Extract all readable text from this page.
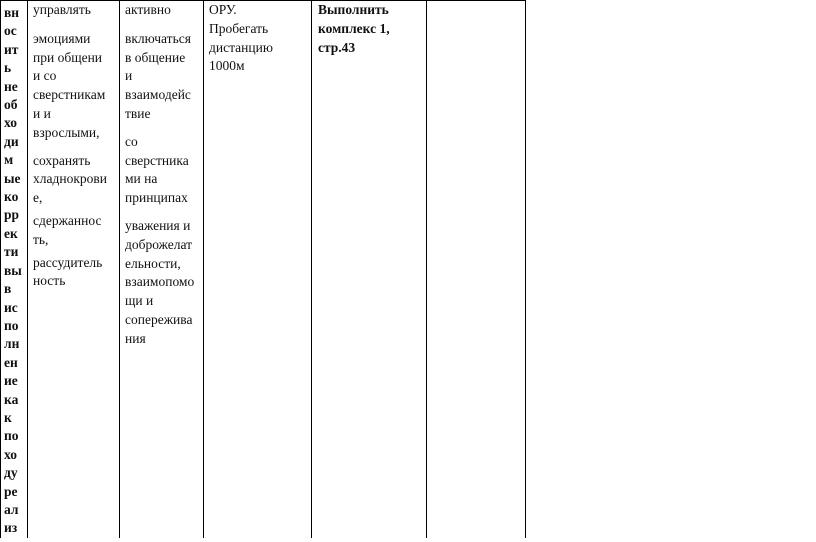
вн
ос
ит
ь
не
об
хо
ди
м
ые
ко
рр
ек
ти
вы
в
ис
по
лн
ен
ие
ка
к
по
хо
ду
ре
ал
из
управлять
эмоциями
при общени
и со
сверстникам
и и
взрослыми,
сохранять
хладнокрови
е,
сдержаннос
ть,
рассудитель
ность
активно
включаться
в общение
и
взаимодейс
твие
со
сверстника
ми на
принципах
уважения и
доброжелат
ельности,
взаимопомо
щи и
сопережива
ния
ОРУ.
Пробегать
дистанцию
1000м
Выполнить
комплекс 1,
стр.43
